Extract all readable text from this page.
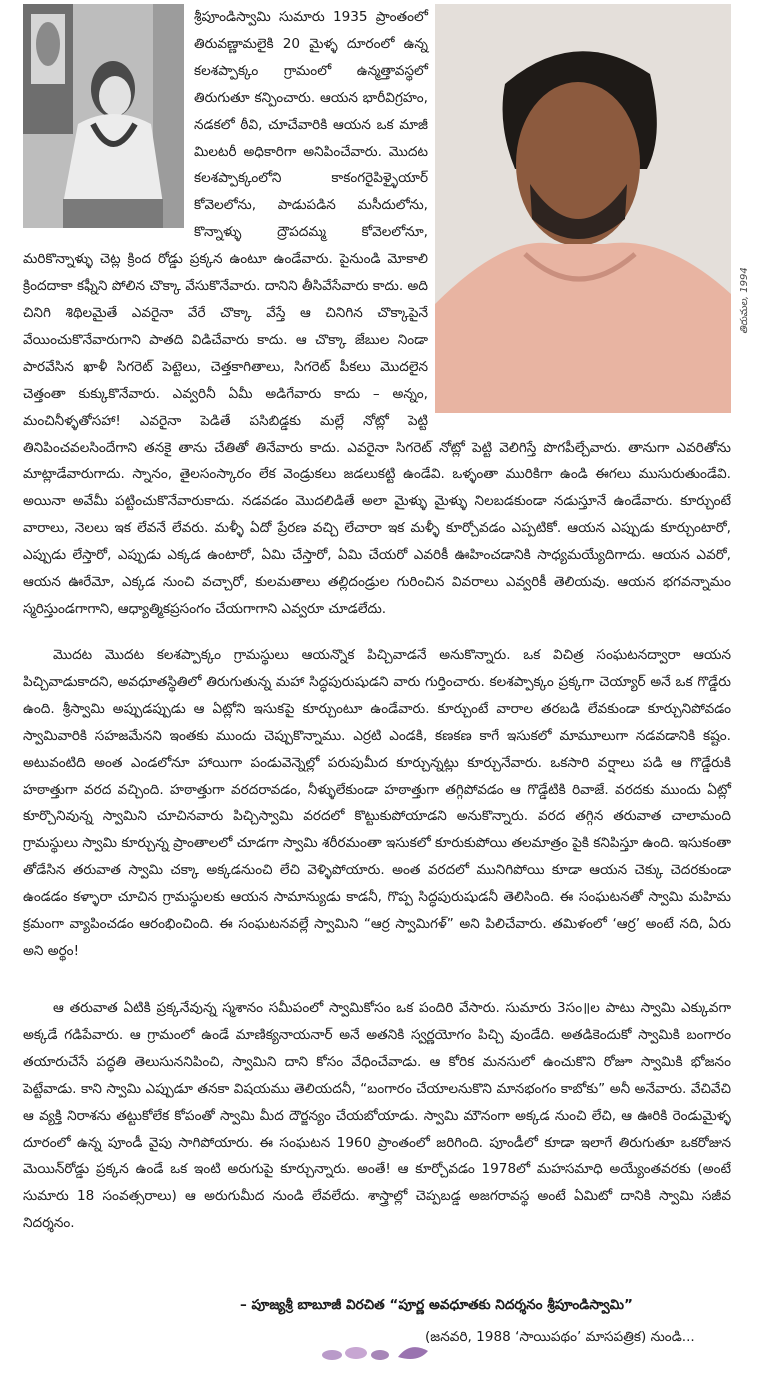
తిరుమల, 1994

శ్రీపూండిస్వామి సుమారు 1935 ప్రాంతంలో తిరువణ్ణామలైకి 20 మైళ్ళ దూరంలో ఉన్న కలశప్పాక్కం గ్రామంలో ఉన్మత్తావస్థలో తిరుగుతూ కన్పించారు. ఆయన భారీవిగ్రహం, నడకలో ఠీవి, చూచేవారికి ఆయన ఒక మాజీ మిలటరీ అధికారిగా అనిపించేవారు. మొదట కలశప్పాక్కంలోని కాకంగరైపిళ్ళైయార్ కోవెలలోను, పాడుపడిన మసీదులోను, కొన్నాళ్ళు ద్రౌపదమ్మ కోవెలలోనూ, మరికొన్నాళ్ళు చెట్ల క్రింద రోడ్డు ప్రక్కన ఉంటూ ఉండేవారు. పైనుండి మోకాలి క్రిందదాకా కఫ్నీని పోలిన చొక్కా వేసుకొనేవారు. దానిని తీసివేసేవారు కాదు. అది చినిగి శిథిలమైతే ఎవరైనా వేరే చొక్కా వేస్తే ఆ చినిగిన చొక్కాపైనే వేయించుకొనేవారుగాని పాతది విడిచేవారు కాదు. ఆ చొక్కా జేబుల నిండా పారవేసిన ఖాళీ సిగరెట్ పెట్టెలు, చెత్తకాగితాలు, సిగరెట్ పీకలు మొదలైన చెత్తంతా కుక్కుకొనేవారు. ఎవ్వరినీ ఏమీ అడిగేవారు కాదు – అన్నం, మంచినీళ్ళతోసహా! ఎవరైనా పెడితే పసిబిడ్డకు మల్లే నోట్లో పెట్టి తినిపించవలసిందేగాని తనకై తాను చేతితో తినేవారు కాదు. ఎవరైనా సిగరెట్ నోట్లో పెట్టి వెలిగిస్తే పొగపీల్చేవారు. తానుగా ఎవరితోను మాట్లాడేవారుగాదు. స్నానం, తైలసంస్కారం లేక వెండ్రుకలు జడలుకట్టి ఉండేవి. ఒళ్ళంతా మురికిగా ఉండి ఈగలు ముసురుతుండేవి. అయినా అవేమీ పట్టించుకొనేవారుకాదు. నడవడం మొదలిడితే అలా మైళ్ళు మైళ్ళు నిలబడకుండా నడుస్తూనే ఉండేవారు. కూర్చుంటే వారాలు, నెలలు ఇక లేవనే లేవరు. మళ్ళీ ఏదో ప్రేరణ వచ్చి లేచారా ఇక మళ్ళీ కూర్చోవడం ఎప్పటికో. ఆయన ఎప్పుడు కూర్చుంటారో, ఎప్పుడు లేస్తారో, ఎప్పుడు ఎక్కడ ఉంటారో, ఏమి చేస్తారో, ఏమి చేయరో ఎవరికీ ఊహించడానికి సాధ్యమయ్యేదిగాదు. ఆయన ఎవరో, ఆయన ఊరేమో, ఎక్కడ నుంచి వచ్చారో, కులమతాలు తల్లిదండ్రుల గురించిన వివరాలు ఎవ్వరికీ తెలియవు. ఆయన భగవన్నామం స్మరిస్తుండగాగాని, ఆధ్యాత్మికప్రసంగం చేయగాగాని ఎవ్వరూ చూడలేదు.

మొదట మొదట కలశప్పాక్కం గ్రామస్థులు ఆయన్నొక పిచ్చివాడనే అనుకొన్నారు. ఒక విచిత్ర సంఘటనద్వారా ఆయన పిచ్చివాడుకాదని, అవధూతస్థితిలో తిరుగుతున్న మహా సిద్ధపురుషుడని వారు గుర్తించారు. కలశప్పాక్కం ప్రక్కగా చెయ్యార్ అనే ఒక గొడ్డేరు ఉంది. శ్రీస్వామి అప్పుడప్పుడు ఆ ఏట్లోని ఇసుకపై కూర్చుంటూ ఉండేవారు. కూర్చుంటే వారాల తరబడి లేవకుండా కూర్చునిపోవడం స్వామివారికి సహజమేనని ఇంతకు ముందు చెప్పుకొన్నాము. ఎర్రటి ఎండకి, కణకణ కాగే ఇసుకలో మామూలుగా నడవడానికి కష్టం. అటువంటిది అంత ఎండలోనూ హాయిగా పండువెన్నెల్లో పరుపుమీద కూర్చున్నట్లు కూర్చునేవారు. ఒకసారి వర్షాలు పడి ఆ గొడ్డేరుకి హఠాత్తుగా వరద వచ్చింది. హఠాత్తుగా వరదరావడం, నీళ్ళులేకుండా హఠాత్తుగా తగ్గిపోవడం ఆ గొడ్డేటికి రివాజే. వరదకు ముందు ఏట్లో కూర్చొనివున్న స్వామిని చూచినవారు పిచ్చిస్వామి వరదలో కొట్టుకుపోయాడని అనుకొన్నారు. వరద తగ్గిన తరువాత చాలామంది గ్రామస్థులు స్వామి కూర్చున్న ప్రాంతాలలో చూడగా స్వామి శరీరమంతా ఇసుకలో కూరుకుపోయి తలమాత్రం పైకి కనిపిస్తూ ఉంది. ఇసుకంతా తోడేసిన తరువాత స్వామి చక్కా అక్కడనుంచి లేచి వెళ్ళిపోయారు. అంత వరదలో మునిగిపోయి కూడా ఆయన చెక్కు చెదరకుండా ఉండడం కళ్ళారా చూచిన గ్రామస్థులకు ఆయన సామాన్యుడు కాడనీ, గొప్ప సిద్ధపురుషుడనీ తెలిసింది. ఈ సంఘటనతో స్వామి మహిమ క్రమంగా వ్యాపించడం ఆరంభించింది. ఈ సంఘటనవల్లే స్వామిని “ఆర్ర స్వామిగళ్” అని పిలిచేవారు. తమిళంలో ‘ఆర్ర’ అంటే నది, ఏరు అని అర్థం!

ఆ తరువాత ఏటికి ప్రక్కనేవున్న స్మశానం సమీపంలో స్వామికోసం ఒక పందిరి వేసారు. సుమారు 3సం॥ల పాటు స్వామి ఎక్కువగా అక్కడే గడిపేవారు. ఆ గ్రామంలో ఉండే మాణిక్యనాయనార్ అనే అతనికి స్వర్ణయోగం పిచ్చి వుండేది. అతడికెందుకో స్వామికి బంగారం తయారుచేసే పద్ధతి తెలుసుననిపించి, స్వామిని దాని కోసం వేధించేవాడు. ఆ కోరిక మనసులో ఉంచుకొని రోజూ స్వామికి భోజనం పెట్టేవాడు. కాని స్వామి ఎప్పుడూ తనకా విషయము తెలియదనీ, “బంగారం చేయాలనుకొని మానభంగం కాబోకు” అనీ అనేవారు. వేచివేచి ఆ వ్యక్తి నిరాశను తట్టుకోలేక కోపంతో స్వామి మీద దౌర్జన్యం చేయబోయాడు. స్వామి మౌనంగా అక్కడ నుంచి లేచి, ఆ ఊరికి రెండుమైళ్ళ దూరంలో ఉన్న పూండీ వైపు సాగిపోయారు. ఈ సంఘటన 1960 ప్రాంతంలో జరిగింది. పూండీలో కూడా ఇలాగే తిరుగుతూ ఒకరోజున మెయిన్‌రోడ్డు ప్రక్కన ఉండే ఒక ఇంటి అరుగుపై కూర్చున్నారు. అంతే! ఆ కూర్చోవడం 1978లో మహసమాధి అయ్యేంతవరకు (అంటే సుమారు 18 సంవత్సరాలు) ఆ అరుగుమీద నుండి లేవలేదు. శాస్త్రాల్లో చెప్పబడ్డ అజగరావస్థ అంటే ఏమిటో దానికి స్వామి సజీవ నిదర్శనం.

– పూజ్యశ్రీ బాబూజీ విరచిత “పూర్ణ అవధూతకు నిదర్శనం శ్రీపూండిస్వామి”
(జనవరి, 1988 ‘సాయిపథం’ మాసపత్రిక) నుండి...
